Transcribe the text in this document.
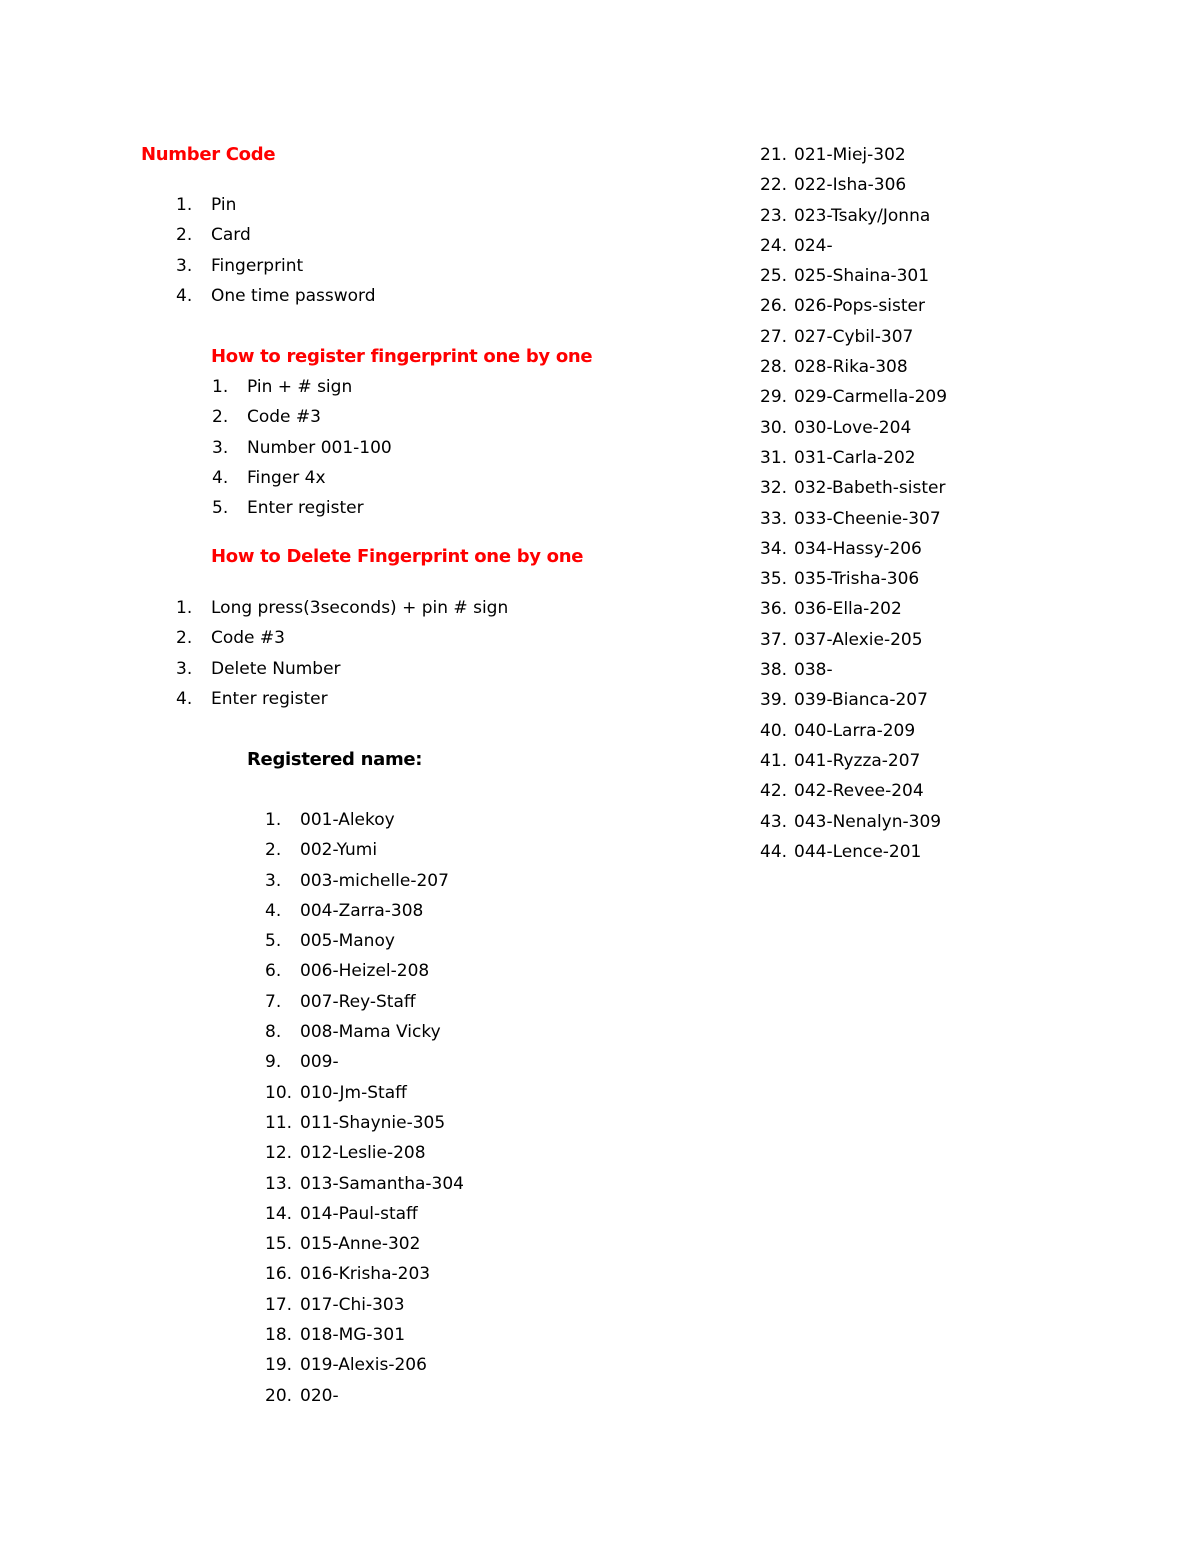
Number Code
1. Pin
2. Card
3. Fingerprint
4. One time password
How to register fingerprint one by one
1. Pin + # sign
2. Code #3
3. Number 001-100
4. Finger 4x
5. Enter register
How to Delete Fingerprint one by one
1. Long press(3seconds) + pin # sign
2. Code #3
3. Delete Number
4. Enter register
Registered name:
1. 001-Alekoy
2. 002-Yumi
3. 003-michelle-207
4. 004-Zarra-308
5. 005-Manoy
6. 006-Heizel-208
7. 007-Rey-Staff
8. 008-Mama Vicky
9. 009-
10. 010-Jm-Staff
11. 011-Shaynie-305
12. 012-Leslie-208
13. 013-Samantha-304
14. 014-Paul-staff
15. 015-Anne-302
16. 016-Krisha-203
17. 017-Chi-303
18. 018-MG-301
19. 019-Alexis-206
20. 020-
21. 021-Miej-302
22. 022-Isha-306
23. 023-Tsaky/Jonna
24. 024-
25. 025-Shaina-301
26. 026-Pops-sister
27. 027-Cybil-307
28. 028-Rika-308
29. 029-Carmella-209
30. 030-Love-204
31. 031-Carla-202
32. 032-Babeth-sister
33. 033-Cheenie-307
34. 034-Hassy-206
35. 035-Trisha-306
36. 036-Ella-202
37. 037-Alexie-205
38. 038-
39. 039-Bianca-207
40. 040-Larra-209
41. 041-Ryzza-207
42. 042-Revee-204
43. 043-Nenalyn-309
44. 044-Lence-201
